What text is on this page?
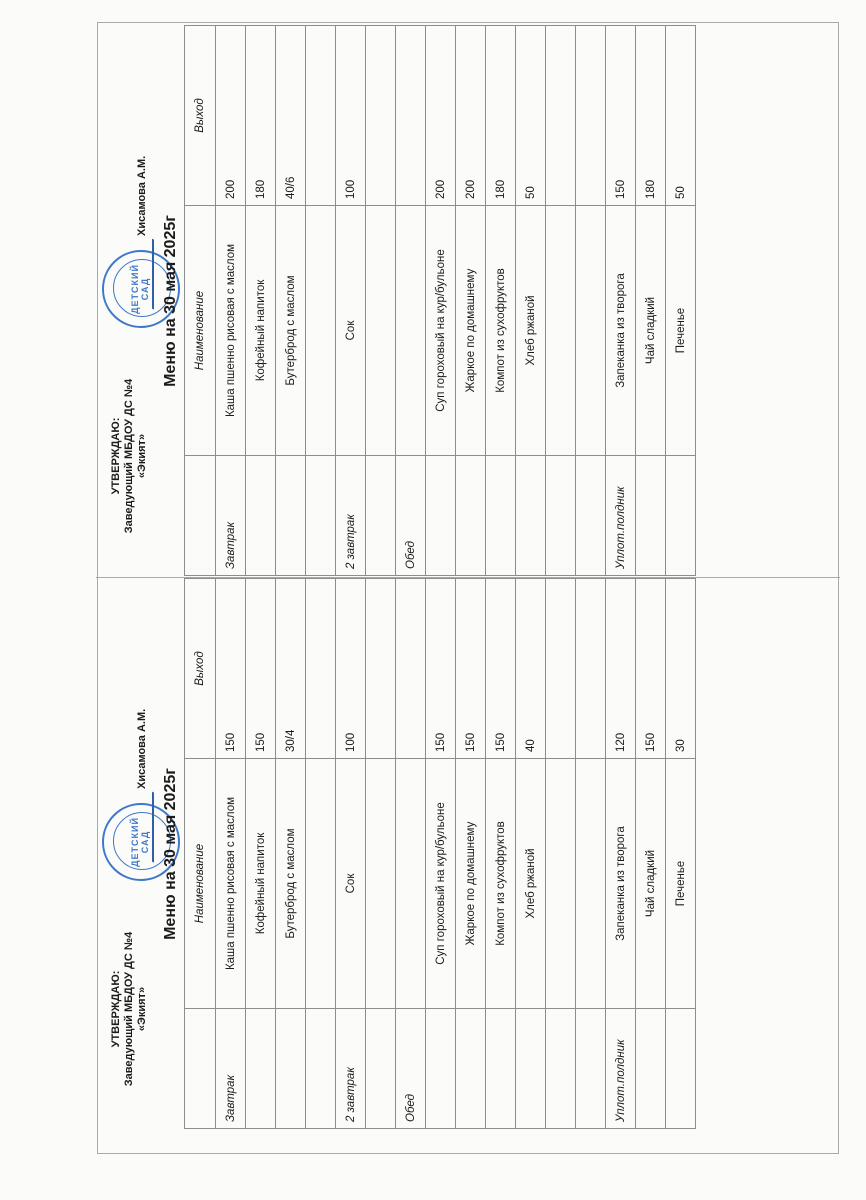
УТВЕРЖДАЮ: Заведующий МБДОУ ДС №4 «Экият»
ДЕТСКИЙ САД
Хисамова А.М.
Меню на 30 мая 2025г
	Наименование	Выход
Завтрак	Каша пшенно рисовая с маслом	200
	Кофейный напиток	180
	Бутерброд с маслом	40/6

2 завтрак	Сок	100

Обед		
	Суп гороховый на кур/бульоне	200
	Жаркое по домашнему	200
	Компот из сухофруктов	180
	Хлеб ржаной	50

Уплот.полдник	Запеканка из творога	150
	Чай сладкий	180
	Печенье	50
УТВЕРЖДАЮ: Заведующий МБДОУ ДС №4 «Экият»
ДЕТСКИЙ САД
Хисамова А.М.
Меню на 30 мая 2025г
	Наименование	Выход
Завтрак	Каша пшенно рисовая с маслом	150
	Кофейный напиток	150
	Бутерброд с маслом	30/4

2 завтрак	Сок	100

Обед		
	Суп гороховый на кур/бульоне	150
	Жаркое по домашнему	150
	Компот из сухофруктов	150
	Хлеб ржаной	40

Уплот.полдник	Запеканка из творога	120
	Чай сладкий	150
	Печенье	30
